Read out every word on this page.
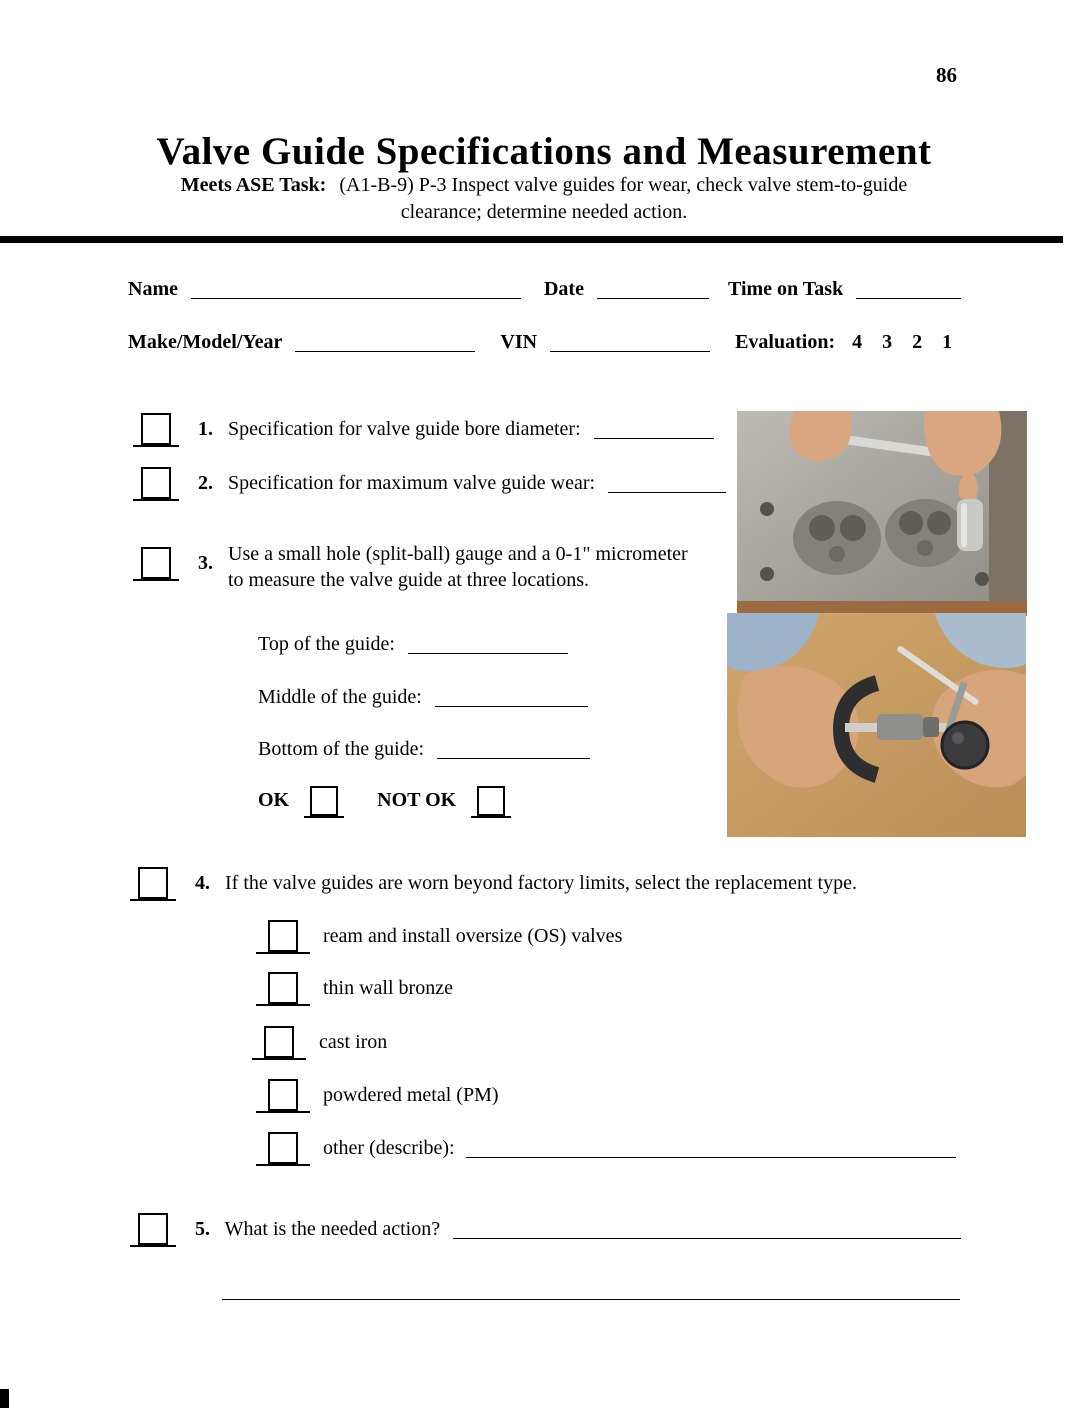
86
Valve Guide Specifications and Measurement
Meets ASE Task: (A1-B-9) P-3 Inspect valve guides for wear, check valve stem-to-guide
clearance; determine needed action.
Name	Date	Time on Task
Make/Model/Year	VIN	Evaluation: 4    3    2    1
1. Specification for valve guide bore diameter:
2. Specification for maximum valve guide wear:
3. Use a small hole (split-ball) gauge and a 0-1" micrometer
to measure the valve guide at three locations.
Top of the guide:
Middle of the guide:
Bottom of the guide:
OK	NOT OK
4. If the valve guides are worn beyond factory limits, select the replacement type.
ream and install oversize (OS) valves
thin wall bronze
cast iron
powdered metal (PM)
other (describe):
5. What is the needed action?
